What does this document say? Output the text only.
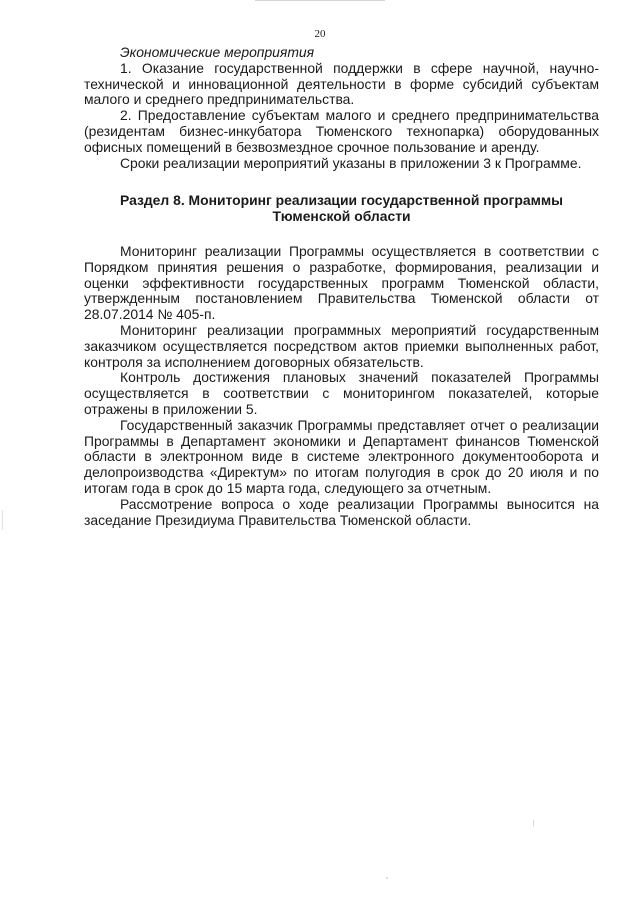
20

Экономические мероприятия

1. Оказание государственной поддержки в сфере научной, научно-технической и инновационной деятельности в форме субсидий субъектам малого и среднего предпринимательства.

2. Предоставление субъектам малого и среднего предпринимательства (резидентам бизнес-инкубатора Тюменского технопарка) оборудованных офисных помещений в безвозмездное срочное пользование и аренду.

Сроки реализации мероприятий указаны в приложении 3 к Программе.

Раздел 8. Мониторинг реализации государственной программы Тюменской области

Мониторинг реализации Программы осуществляется в соответствии с Порядком принятия решения о разработке, формирования, реализации и оценки эффективности государственных программ Тюменской области, утвержденным постановлением Правительства Тюменской области от 28.07.2014 № 405-п.

Мониторинг реализации программных мероприятий государственным заказчиком осуществляется посредством актов приемки выполненных работ, контроля за исполнением договорных обязательств.

Контроль достижения плановых значений показателей Программы осуществляется в соответствии с мониторингом показателей, которые отражены в приложении 5.

Государственный заказчик Программы представляет отчет о реализации Программы в Департамент экономики и Департамент финансов Тюменской области в электронном виде в системе электронного документооборота и делопроизводства «Директум» по итогам полугодия в срок до 20 июля и по итогам года в срок до 15 марта года, следующего за отчетным.

Рассмотрение вопроса о ходе реализации Программы выносится на заседание Президиума Правительства Тюменской области.
